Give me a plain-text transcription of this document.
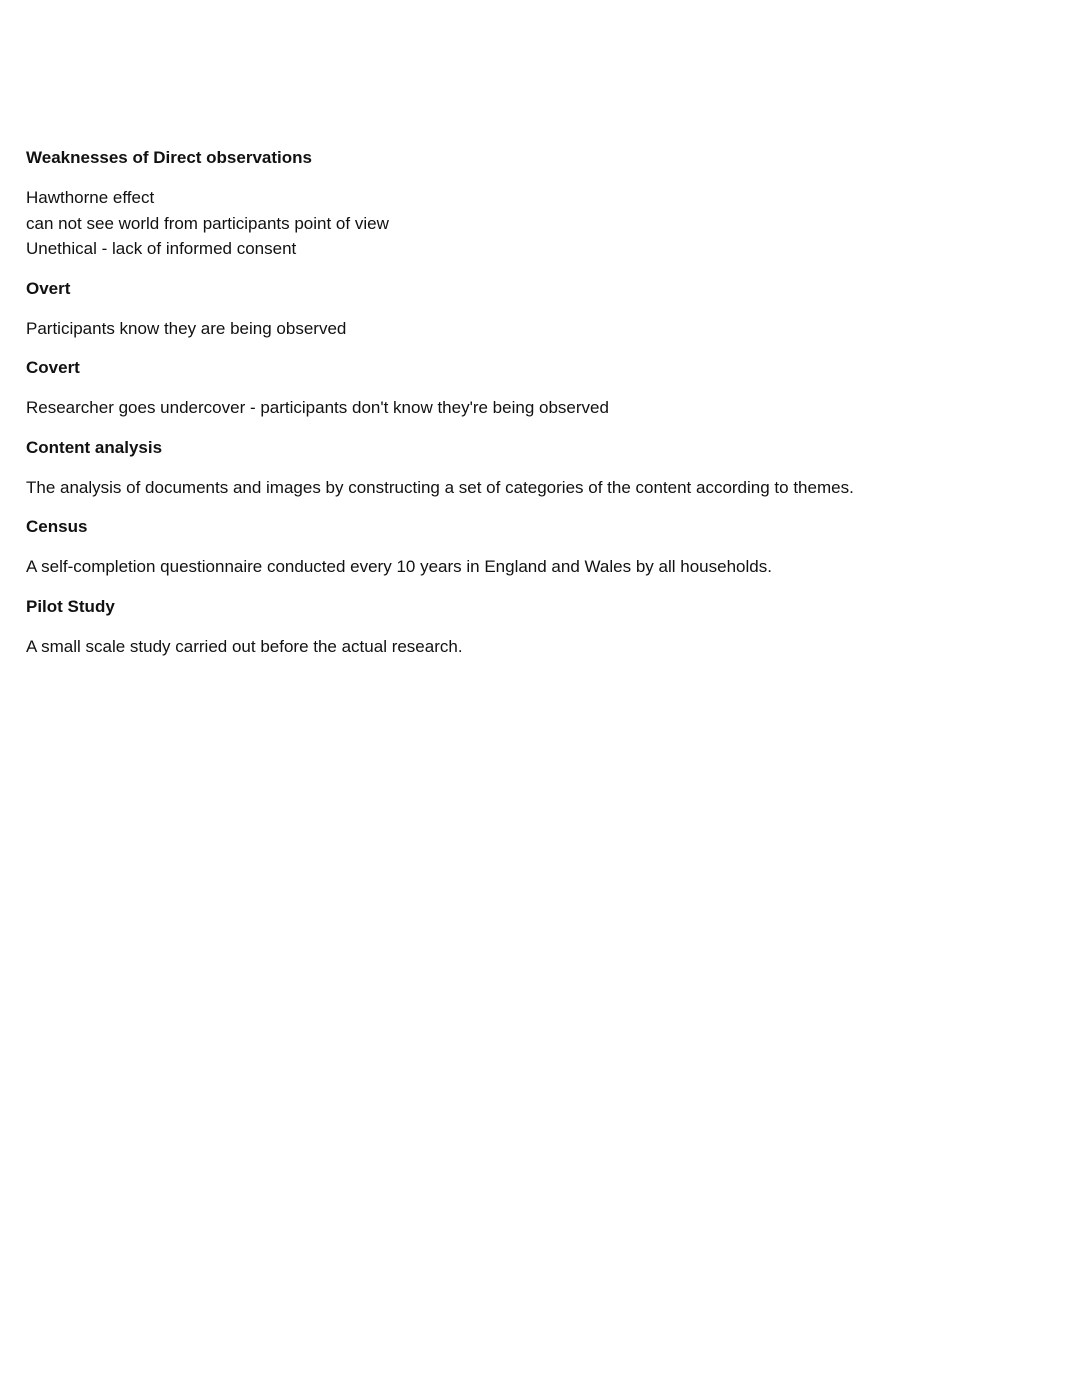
Weaknesses of Direct observations
Hawthorne effect
can not see world from participants point of view
Unethical - lack of informed consent
Overt
Participants know they are being observed
Covert
Researcher goes undercover - participants don't know they're being observed
Content analysis
The analysis of documents and images by constructing a set of categories of the content according to themes.
Census
A self-completion questionnaire conducted every 10 years in England and Wales by all households.
Pilot Study
A small scale study carried out before the actual research.
